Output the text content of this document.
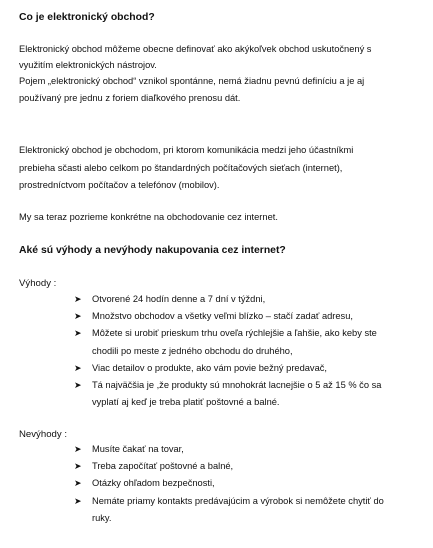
Co je elektronický obchod?
Elektronický obchod môžeme obecne definovať ako akýkoľvek obchod uskutočnený s
využitím elektronických nástrojov.
Pojem „elektronický obchod“ vznikol spontánne, nemá žiadnu pevnú definíciu a je aj
používaný pre jednu z foriem diaľkového prenosu dát.
Elektronický obchod je obchodom, pri ktorom komunikácia medzi jeho účastníkmi
prebieha sčasti alebo celkom po štandardných počítačových sieťach (internet),
prostredníctvom počítačov a telefónov (mobilov).
My sa teraz pozrieme konkrétne na obchodovanie cez internet.
Aké sú výhody a nevýhody nakupovania cez internet?
Výhody :
➤ Otvorené 24 hodín denne a 7 dní v týždni,
➤ Množstvo obchodov a všetky veľmi blízko – stačí zadať adresu,
➤ Môžete si urobiť prieskum trhu oveľa rýchlejšie a ľahšie, ako keby ste
chodili po meste z jedného obchodu do druhého,
➤ Viac detailov o produkte, ako vám povie bežný predavač,
➤ Tá najväčšia je ,že produkty sú mnohokrát lacnejšie o 5 až 15 % čo sa
vyplatí aj keď je treba platiť poštovné a balné.
Nevýhody :
➤ Musíte čakať na tovar,
➤ Treba započítať poštovné a balné,
➤ Otázky ohľadom bezpečnosti,
➤ Nemáte priamy kontakts predávajúcim a výrobok si nemôžete chytiť do
ruky.
